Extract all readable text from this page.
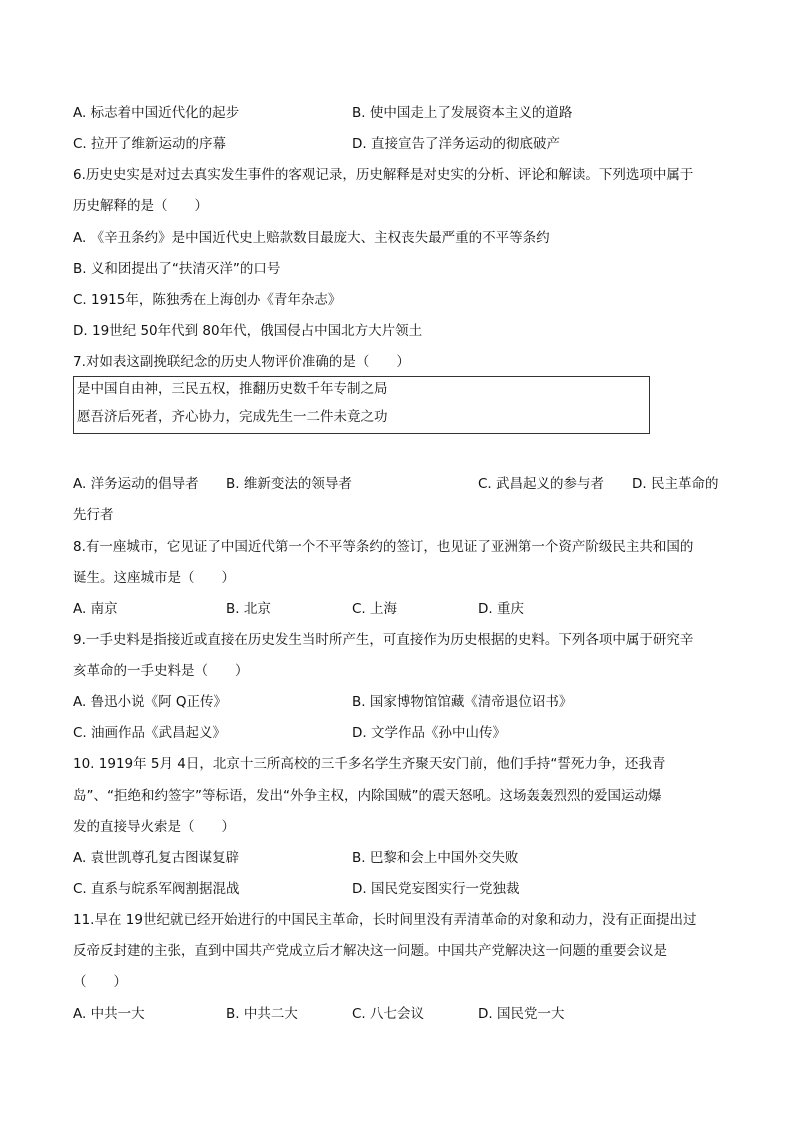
A. 标志着中国近代化的起步	B. 使中国走上了发展资本主义的道路
C. 拉开了维新运动的序幕	D. 直接宣告了洋务运动的彻底破产
6.历史史实是对过去真实发生事件的客观记录，历史解释是对史实的分析、评论和解读。下列选项中属于
历史解释的是（　　）
A. 《辛丑条约》是中国近代史上赔款数目最庞大、主权丧失最严重的不平等条约
B. 义和团提出了“扶清灭洋”的口号
C. 1915年，陈独秀在上海创办《青年杂志》
D. 19世纪 50年代到 80年代，俄国侵占中国北方大片领土
7.对如表这副挽联纪念的历史人物评价准确的是（　　）
是中国自由神，三民五权，推翻历史数千年专制之局
愿吾济后死者，齐心协力，完成先生一二件未竟之功
A. 洋务运动的倡导者 B. 维新变法的领导者	C. 武昌起义的参与者 D. 民主革命的
先行者
8.有一座城市，它见证了中国近代第一个不平等条约的签订，也见证了亚洲第一个资产阶级民主共和国的
诞生。这座城市是（　　）
A. 南京	B. 北京	C. 上海	D. 重庆
9.一手史料是指接近或直接在历史发生当时所产生，可直接作为历史根据的史料。下列各项中属于研究辛
亥革命的一手史料是（　　）
A. 鲁迅小说《阿 Q正传》	B. 国家博物馆馆藏《清帝退位诏书》
C. 油画作品《武昌起义》	D. 文学作品《孙中山传》
10. 1919年 5月 4日，北京十三所高校的三千多名学生齐聚天安门前，他们手持“誓死力争，还我青
岛”、“拒绝和约签字”等标语，发出“外争主权，内除国贼”的震天怒吼。这场轰轰烈烈的爱国运动爆
发的直接导火索是（　　）
A. 袁世凯尊孔复古图谋复辟	B. 巴黎和会上中国外交失败
C. 直系与皖系军阀割据混战	D. 国民党妄图实行一党独裁
11.早在 19世纪就已经开始进行的中国民主革命，长时间里没有弄清革命的对象和动力，没有正面提出过
反帝反封建的主张，直到中国共产党成立后才解决这一问题。中国共产党解决这一问题的重要会议是
（　　）
A. 中共一大	B. 中共二大	C. 八七会议	D. 国民党一大
